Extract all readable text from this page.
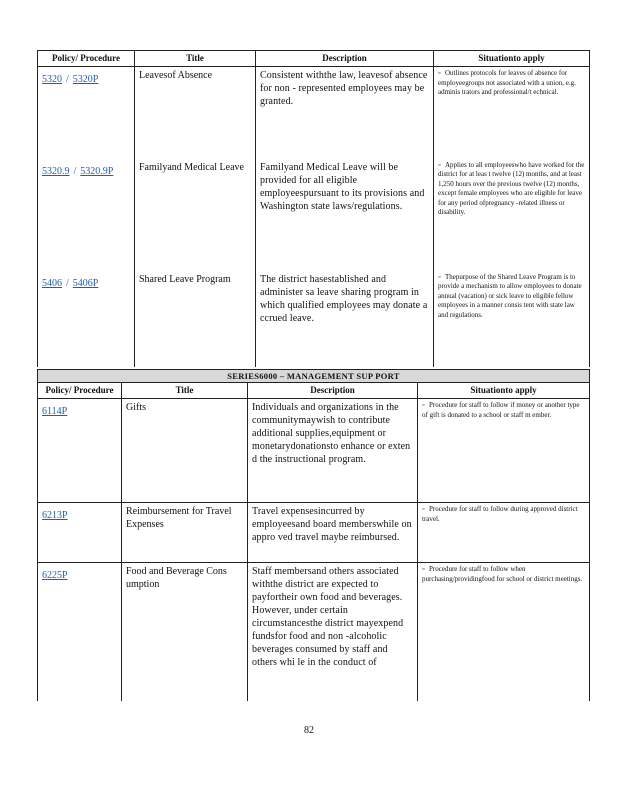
Policy/ Procedure	Title	Description	Situationto apply
5320 / 5320P	Leavesof Absence	Consistent withthe law, leavesof absence for non - represented employees may be granted.	▫ Outlines protocols for leaves of absence for employeegroups not associated with a union, e.g. adminis trators and professional/t echnical.
5320.9 / 5320.9P	Familyand Medical Leave	Familyand Medical Leave will be provided for all eligible employeespursuant to its provisions and Washington state laws/regulations.	▫ Applies to all employeeswho have worked for the district for at leas t twelve (12) months, and at least 1,250 hours over the previous twelve (12) months, except female employees who are eligible for leave for any period ofpregnancy -related illness or disability.
5406 / 5406P	Shared Leave Program	The district hasestablished and administer sa leave sharing program in which qualified employees may donate a ccrued leave.	▫ Thepurpose of the Shared Leave Program is to provide a mechanism to allow employees to donate annual (vacation) or sick leave to eligible fellow employees in a manner consis tent with state law and regulations.
SERIES6000 – MANAGEMENT SUP PORT			
Policy/ Procedure	Title	Description	Situationto apply
6114P	Gifts	Individuals and organizations in the communitymaywish to contribute additional supplies,equipment or monetarydonationsto enhance or exten d the instructional program.	▫ Procedure for staff to follow if money or another type of gift is donated to a school or staff m ember.
6213P	Reimbursement for Travel Expenses	Travel expensesincurred by employeesand board memberswhile on appro ved travel maybe reimbursed.	▫ Procedure for staff to follow during approved district travel.
6225P	Food and Beverage Cons umption	Staff membersand others associated withthe district are expected to payfortheir own food and beverages. However, under certain circumstancesthe district mayexpend fundsfor food and non -alcoholic beverages consumed by staff and others whi le in the conduct of	▫ Procedure for staff to follow when purchasing/providingfood for school or district meetings.
82
